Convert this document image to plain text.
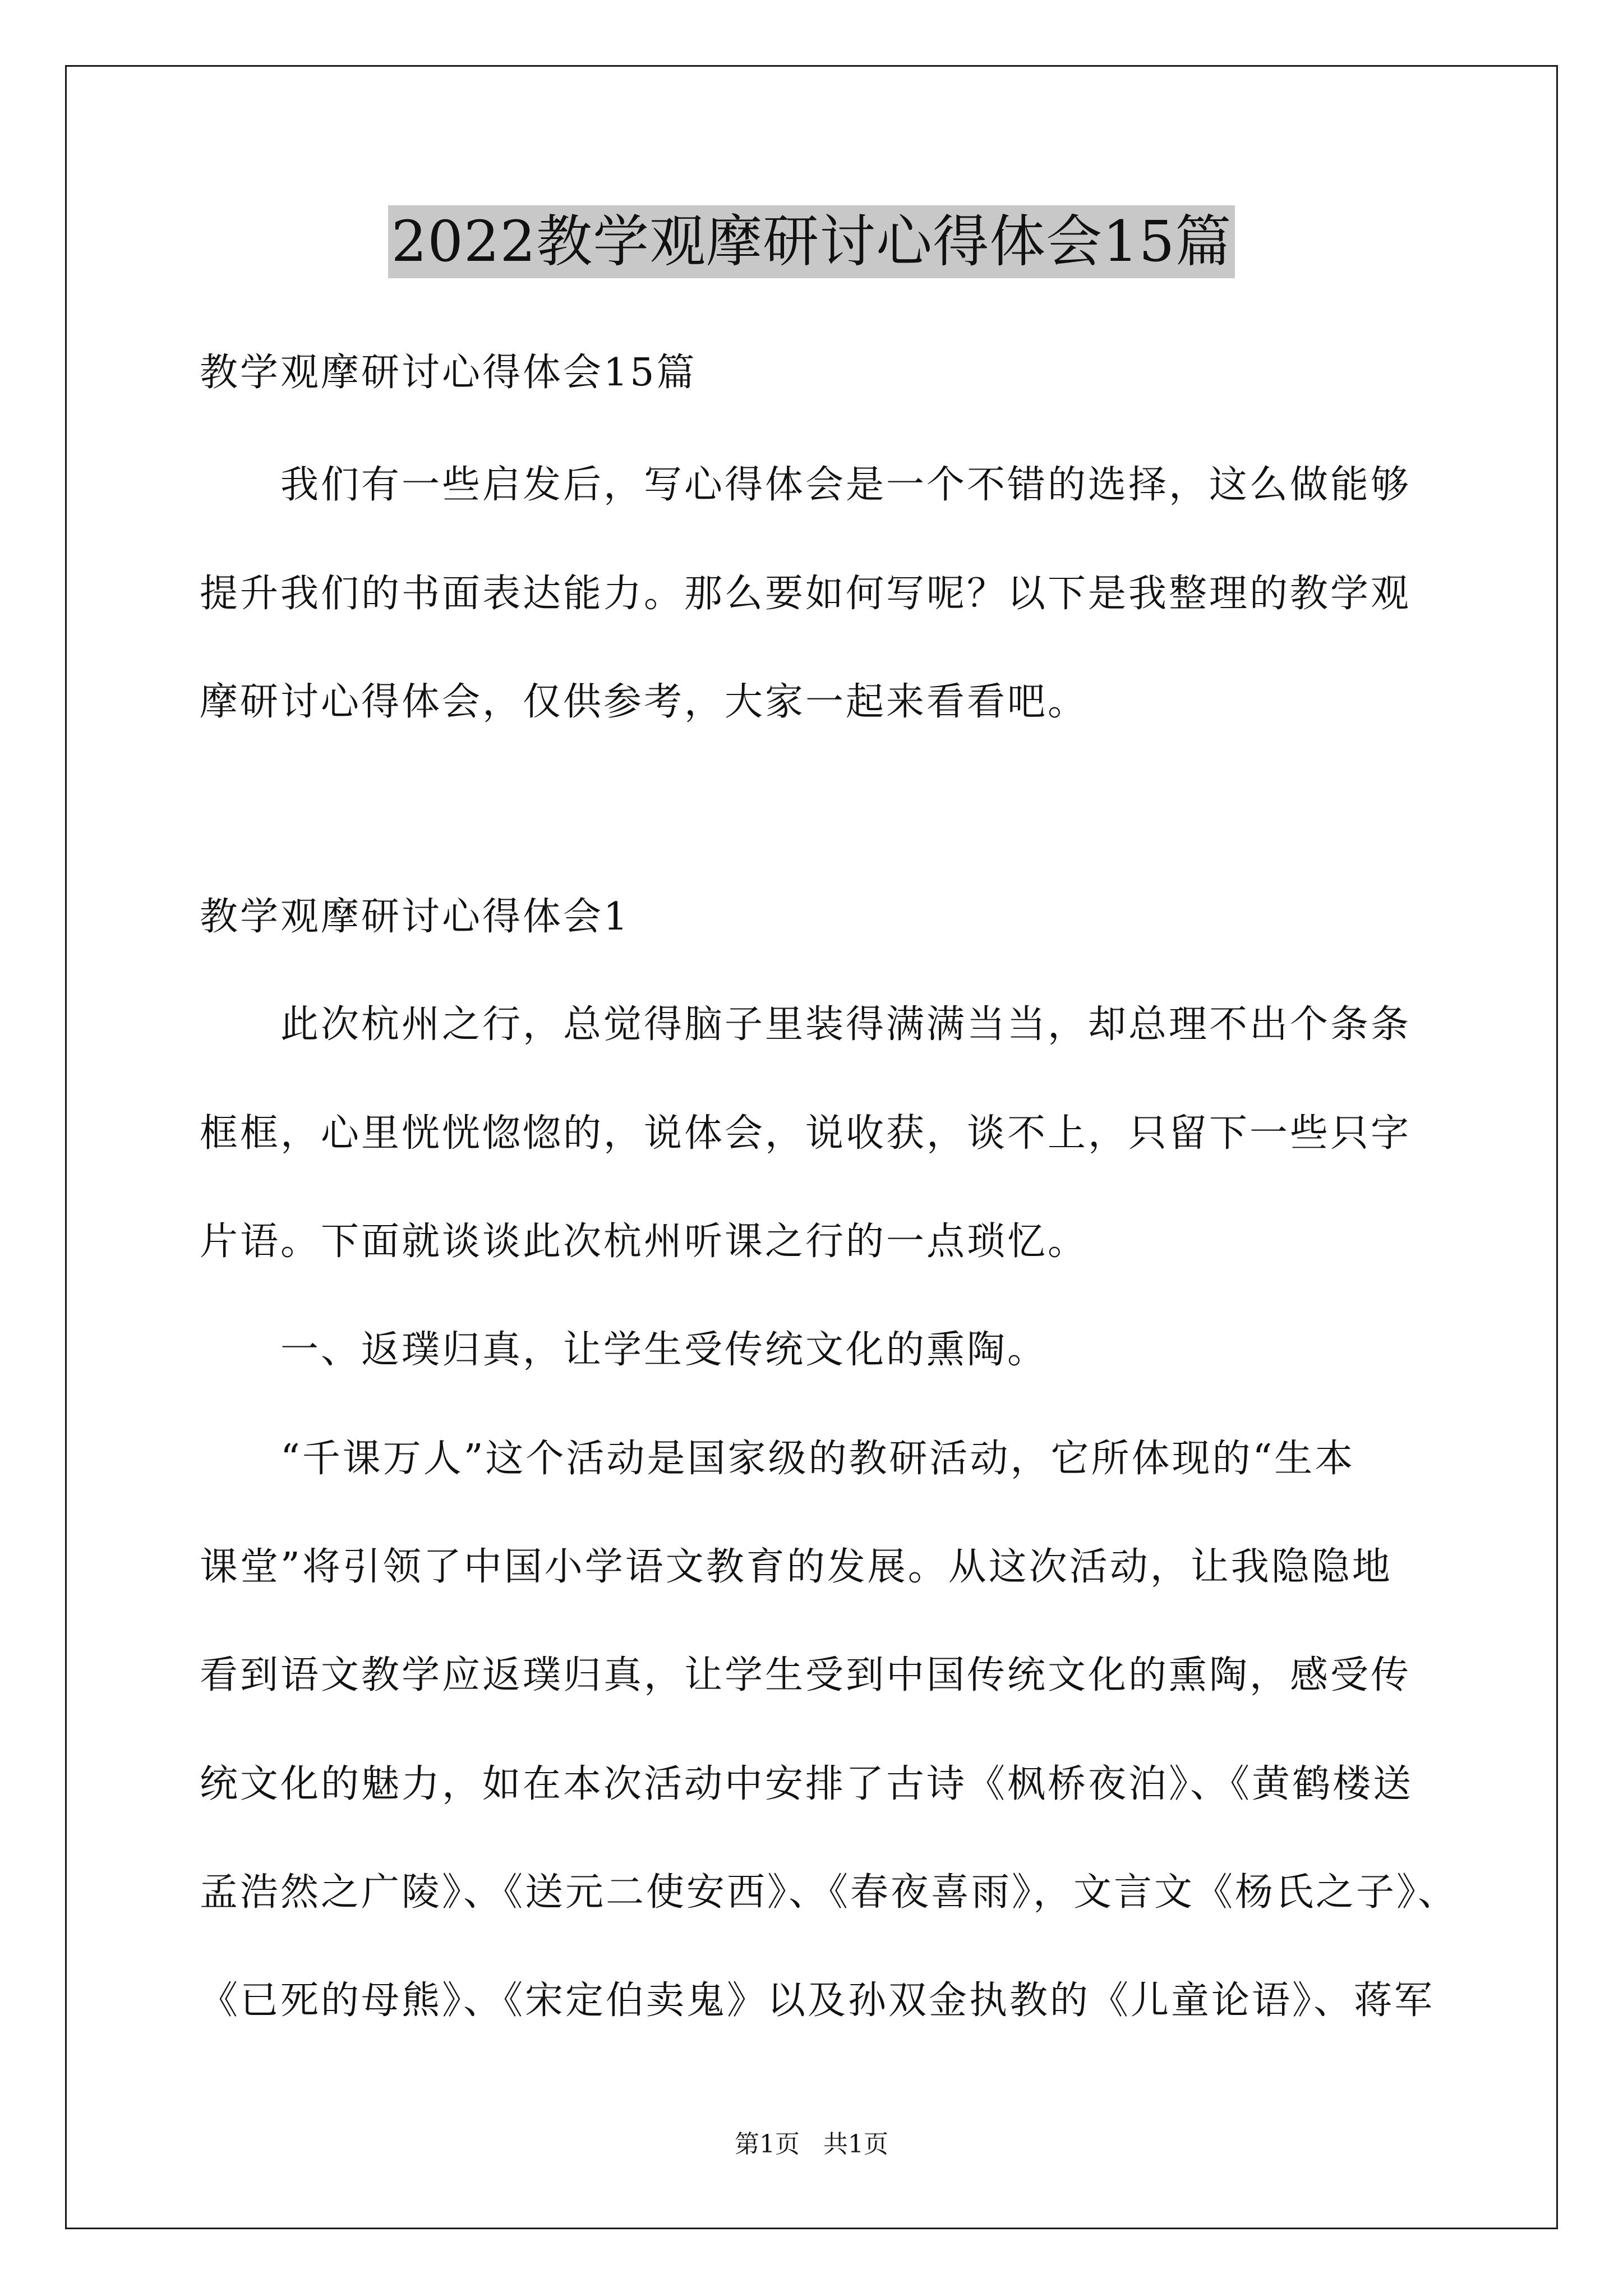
2022教学观摩研讨心得体会15篇
教学观摩研讨心得体会15篇
　　我们有一些启发后，写心得体会是一个不错的选择，这么做能够
提升我们的书面表达能力。那么要如何写呢？以下是我整理的教学观
摩研讨心得体会，仅供参考，大家一起来看看吧。
教学观摩研讨心得体会1
　　此次杭州之行，总觉得脑子里装得满满当当，却总理不出个条条
框框，心里恍恍惚惚的，说体会，说收获，谈不上，只留下一些只字
片语。下面就谈谈此次杭州听课之行的一点琐忆。
　　一、返璞归真，让学生受传统文化的熏陶。
　　“千课万人”这个活动是国家级的教研活动，它所体现的“生本
课堂”将引领了中国小学语文教育的发展。从这次活动，让我隐隐地
看到语文教学应返璞归真，让学生受到中国传统文化的熏陶，感受传
统文化的魅力，如在本次活动中安排了古诗《枫桥夜泊》、《黄鹤楼送
孟浩然之广陵》、《送元二使安西》、《春夜喜雨》，文言文《杨氏之子》、
《已死的母熊》、《宋定伯卖鬼》以及孙双金执教的《儿童论语》、蒋军
第1页 共1页
